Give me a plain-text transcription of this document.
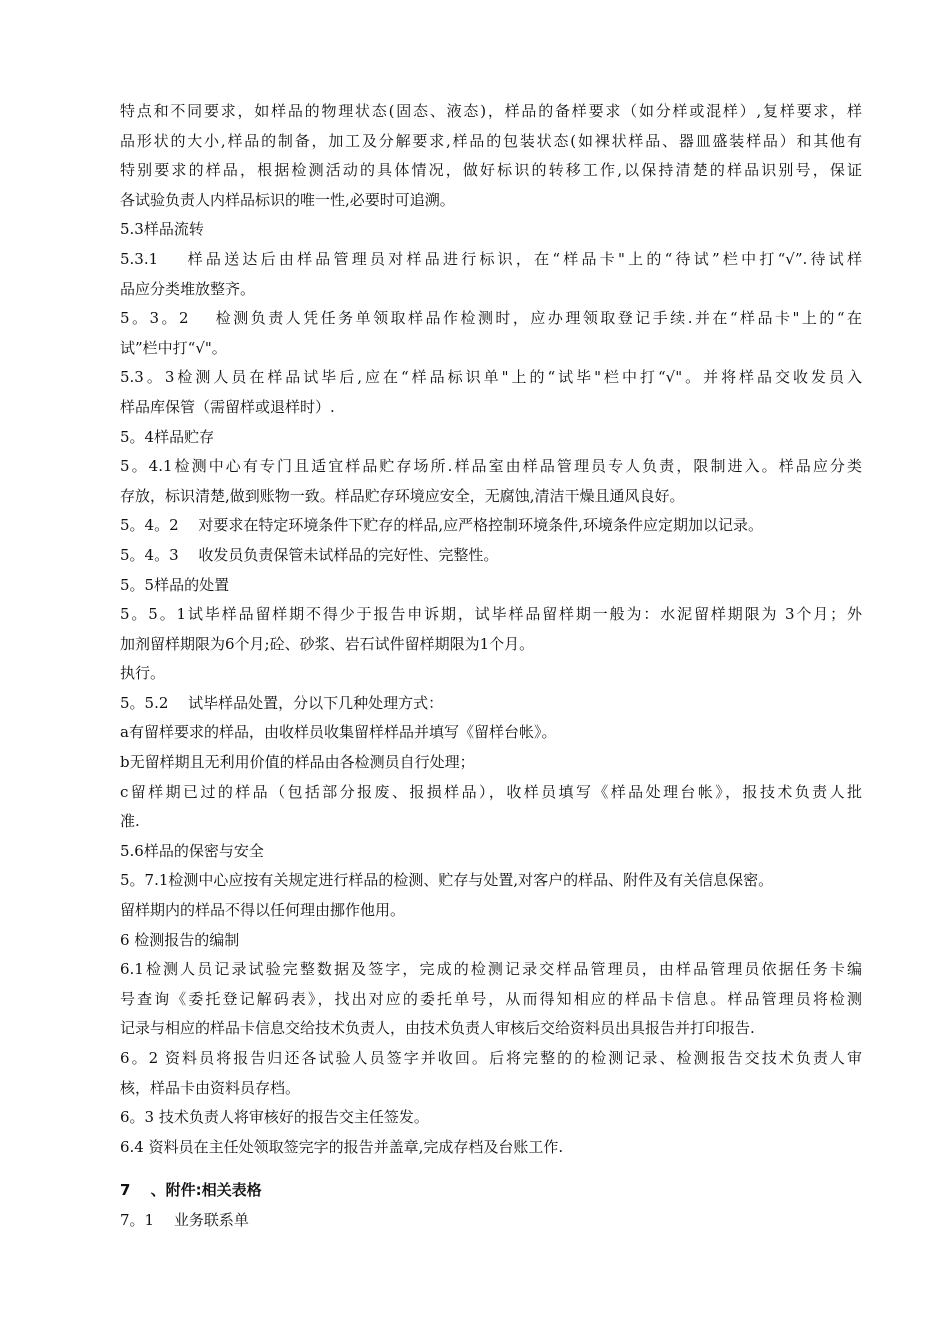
特点和不同要求，如样品的物理状态(固态、液态)，样品的备样要求（如分样或混样）,复样要求，样
品形状的大小,样品的制备，加工及分解要求,样品的包装状态(如裸状样品、器皿盛装样品）和其他有
特别要求的样品，根据检测活动的具体情况，做好标识的转移工作,以保持清楚的样品识别号，保证
各试验负责人内样品标识的唯一性,必要时可追溯。
5.3样品流转
5.3.1　 样品送达后由样品管理员对样品进行标识，在“样品卡"上的“待试”栏中打“√”.待试样
品应分类堆放整齐。
5。3。2　 检测负责人凭任务单领取样品作检测时，应办理领取登记手续.并在“样品卡"上的“在
试”栏中打“√"。
5.3。3检测人员在样品试毕后,应在“样品标识单"上的“试毕"栏中打“√"。并将样品交收发员入
样品库保管（需留样或退样时）.
5。4样品贮存
5。4.1检测中心有专门且适宜样品贮存场所.样品室由样品管理员专人负责，限制进入。样品应分类
存放，标识清楚,做到账物一致。样品贮存环境应安全，无腐蚀,清洁干燥且通风良好。
5。4。2　 对要求在特定环境条件下贮存的样品,应严格控制环境条件,环境条件应定期加以记录。
5。4。3　 收发员负责保管未试样品的完好性、完整性。
5。5样品的处置
5。5。1试毕样品留样期不得少于报告申诉期，试毕样品留样期一般为：水泥留样期限为 3个月；外
加剂留样期限为6个月;砼、砂浆、岩石试件留样期限为1个月。
执行。
5。5.2　 试毕样品处置，分以下几种处理方式：
a有留样要求的样品，由收样员收集留样样品并填写《留样台帐》。
b无留样期且无利用价值的样品由各检测员自行处理；
c留样期已过的样品（包括部分报废、报损样品），收样员填写《样品处理台帐》，报技术负责人批
准.
5.6样品的保密与安全
5。7.1检测中心应按有关规定进行样品的检测、贮存与处置,对客户的样品、附件及有关信息保密。
留样期内的样品不得以任何理由挪作他用。
6 检测报告的编制
6.1检测人员记录试验完整数据及签字，完成的检测记录交样品管理员，由样品管理员依据任务卡编
号查询《委托登记解码表》，找出对应的委托单号，从而得知相应的样品卡信息。样品管理员将检测
记录与相应的样品卡信息交给技术负责人，由技术负责人审核后交给资料员出具报告并打印报告.
6。2 资料员将报告归还各试验人员签字并收回。后将完整的的检测记录、检测报告交技术负责人审
核，样品卡由资料员存档。
6。3 技术负责人将审核好的报告交主任签发。
6.4 资料员在主任处领取签完字的报告并盖章,完成存档及台账工作.
7　 、附件:相关表格
7。1　 业务联系单
